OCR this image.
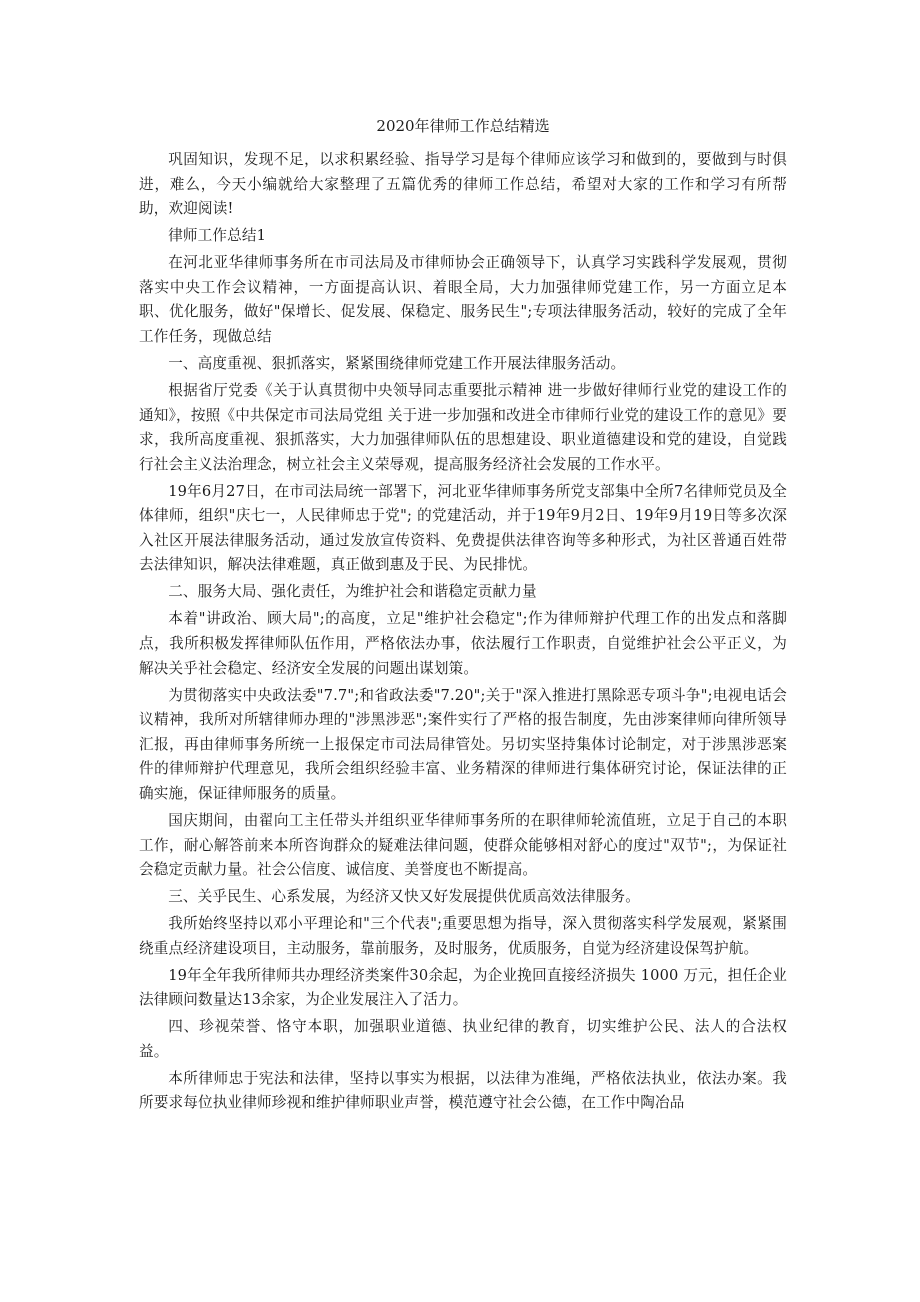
2020年律师工作总结精选

巩固知识，发现不足，以求积累经验、指导学习是每个律师应该学习和做到的，要做到与时俱进，难么，今天小编就给大家整理了五篇优秀的律师工作总结，希望对大家的工作和学习有所帮助，欢迎阅读!

律师工作总结1

在河北亚华律师事务所在市司法局及市律师协会正确领导下，认真学习实践科学发展观，贯彻落实中央工作会议精神，一方面提高认识、着眼全局，大力加强律师党建工作，另一方面立足本职、优化服务，做好"保增长、促发展、保稳定、服务民生";专项法律服务活动，较好的完成了全年工作任务，现做总结

一、高度重视、狠抓落实，紧紧围绕律师党建工作开展法律服务活动。

根据省厅党委《关于认真贯彻中央领导同志重要批示精神 进一步做好律师行业党的建设工作的通知》，按照《中共保定市司法局党组 关于进一步加强和改进全市律师行业党的建设工作的意见》要求，我所高度重视、狠抓落实，大力加强律师队伍的思想建设、职业道德建设和党的建设，自觉践行社会主义法治理念，树立社会主义荣辱观，提高服务经济社会发展的工作水平。

19年6月27日，在市司法局统一部署下，河北亚华律师事务所党支部集中全所7名律师党员及全体律师，组织"庆七一，人民律师忠于党"; 的党建活动，并于19年9月2日、19年9月19日等多次深入社区开展法律服务活动，通过发放宣传资料、免费提供法律咨询等多种形式，为社区普通百姓带去法律知识，解决法律难题，真正做到惠及于民、为民排忧。

二、服务大局、强化责任，为维护社会和谐稳定贡献力量

本着"讲政治、顾大局";的高度，立足"维护社会稳定";作为律师辩护代理工作的出发点和落脚点，我所积极发挥律师队伍作用，严格依法办事，依法履行工作职责，自觉维护社会公平正义，为解决关乎社会稳定、经济安全发展的问题出谋划策。

为贯彻落实中央政法委"7.7";和省政法委"7.20";关于"深入推进打黑除恶专项斗争";电视电话会议精神，我所对所辖律师办理的"涉黑涉恶";案件实行了严格的报告制度，先由涉案律师向律所领导汇报，再由律师事务所统一上报保定市司法局律管处。另切实坚持集体讨论制定，对于涉黑涉恶案件的律师辩护代理意见，我所会组织经验丰富、业务精深的律师进行集体研究讨论，保证法律的正确实施，保证律师服务的质量。

国庆期间，由翟向工主任带头并组织亚华律师事务所的在职律师轮流值班，立足于自己的本职工作，耐心解答前来本所咨询群众的疑难法律问题，使群众能够相对舒心的度过"双节";，为保证社会稳定贡献力量。社会公信度、诚信度、美誉度也不断提高。

三、关乎民生、心系发展，为经济又快又好发展提供优质高效法律服务。

我所始终坚持以邓小平理论和"三个代表";重要思想为指导，深入贯彻落实科学发展观，紧紧围绕重点经济建设项目，主动服务，靠前服务，及时服务，优质服务，自觉为经济建设保驾护航。

19年全年我所律师共办理经济类案件30余起，为企业挽回直接经济损失 1000 万元，担任企业法律顾问数量达13余家，为企业发展注入了活力。

四、珍视荣誉、恪守本职，加强职业道德、执业纪律的教育，切实维护公民、法人的合法权益。

本所律师忠于宪法和法律，坚持以事实为根据，以法律为准绳，严格依法执业，依法办案。我所要求每位执业律师珍视和维护律师职业声誉，模范遵守社会公德，在工作中陶冶品
